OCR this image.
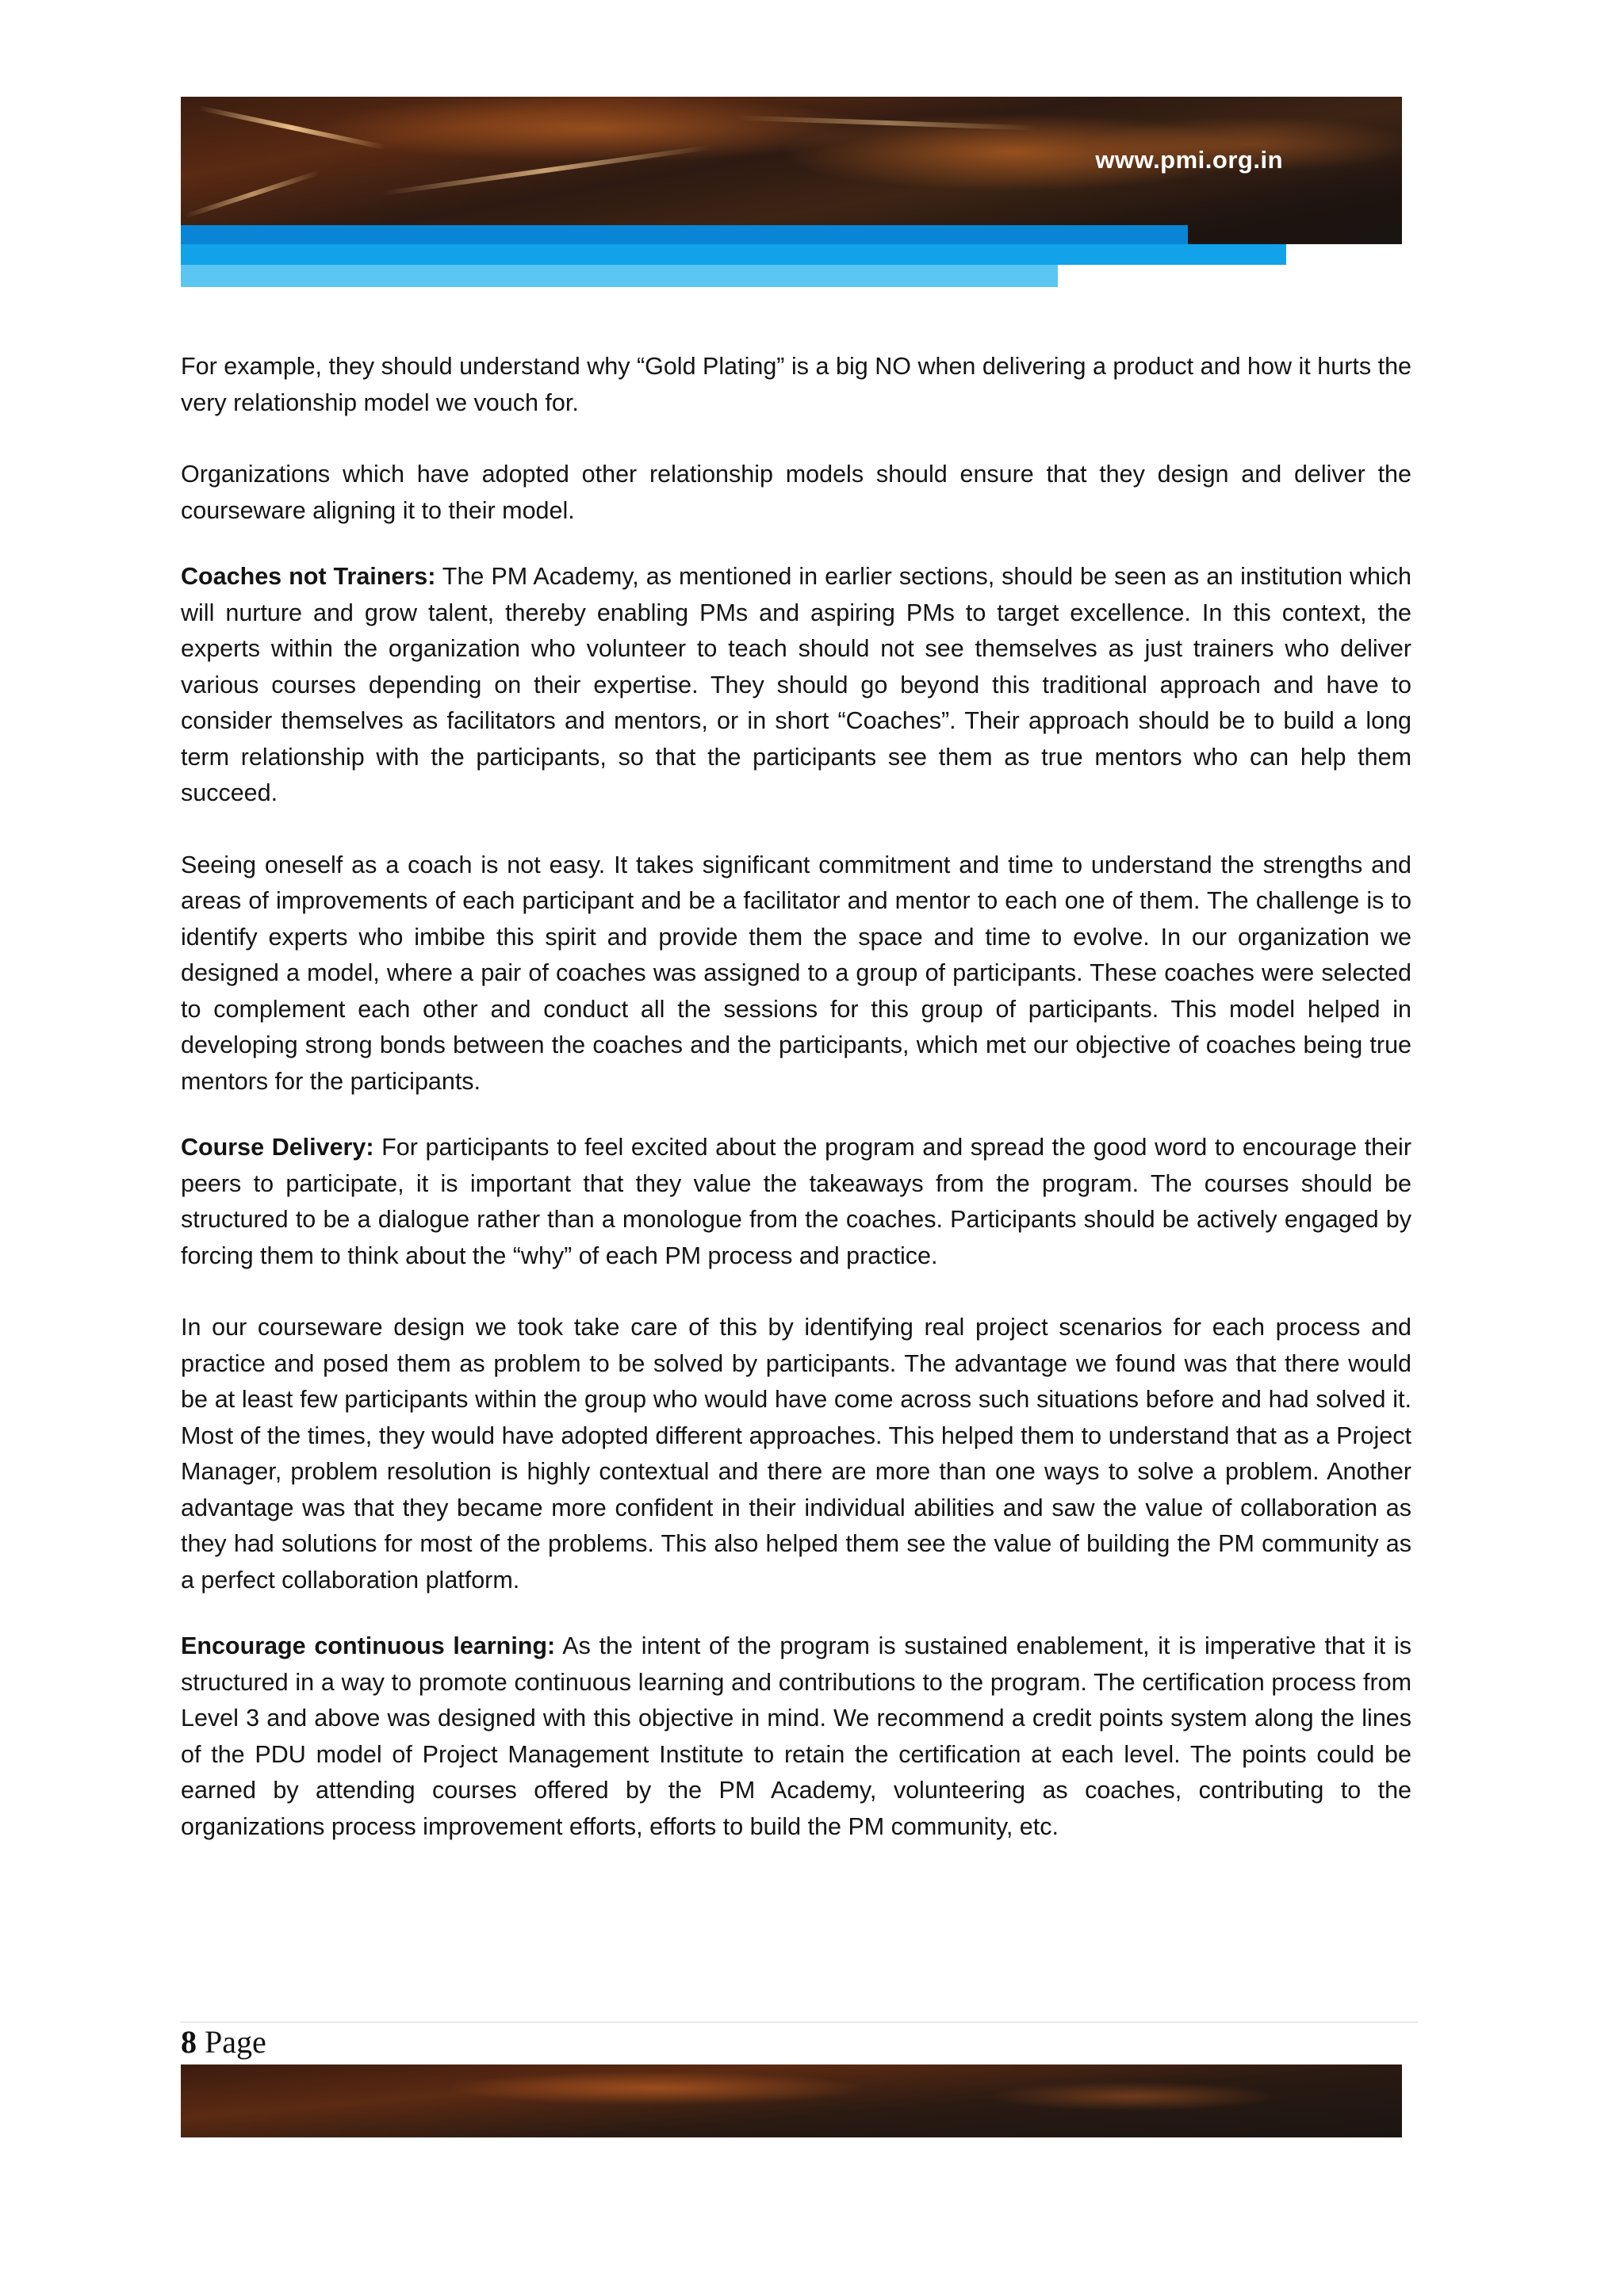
www.pmi.org.in

For example, they should understand why “Gold Plating” is a big NO when delivering a product and how it hurts the very relationship model we vouch for.

Organizations which have adopted other relationship models should ensure that they design and deliver the courseware aligning it to their model.

Coaches not Trainers: The PM Academy, as mentioned in earlier sections, should be seen as an institution which will nurture and grow talent, thereby enabling PMs and aspiring PMs to target excellence. In this context, the experts within the organization who volunteer to teach should not see themselves as just trainers who deliver various courses depending on their expertise. They should go beyond this traditional approach and have to consider themselves as facilitators and mentors, or in short “Coaches”. Their approach should be to build a long term relationship with the participants, so that the participants see them as true mentors who can help them succeed.

Seeing oneself as a coach is not easy. It takes significant commitment and time to understand the strengths and areas of improvements of each participant and be a facilitator and mentor to each one of them. The challenge is to identify experts who imbibe this spirit and provide them the space and time to evolve. In our organization we designed a model, where a pair of coaches was assigned to a group of participants. These coaches were selected to complement each other and conduct all the sessions for this group of participants. This model helped in developing strong bonds between the coaches and the participants, which met our objective of coaches being true mentors for the participants.

Course Delivery: For participants to feel excited about the program and spread the good word to encourage their peers to participate, it is important that they value the takeaways from the program. The courses should be structured to be a dialogue rather than a monologue from the coaches. Participants should be actively engaged by forcing them to think about the “why” of each PM process and practice.

In our courseware design we took take care of this by identifying real project scenarios for each process and practice and posed them as problem to be solved by participants. The advantage we found was that there would be at least few participants within the group who would have come across such situations before and had solved it. Most of the times, they would have adopted different approaches. This helped them to understand that as a Project Manager, problem resolution is highly contextual and there are more than one ways to solve a problem. Another advantage was that they became more confident in their individual abilities and saw the value of collaboration as they had solutions for most of the problems. This also helped them see the value of building the PM community as a perfect collaboration platform.

Encourage continuous learning: As the intent of the program is sustained enablement, it is imperative that it is structured in a way to promote continuous learning and contributions to the program. The certification process from Level 3 and above was designed with this objective in mind. We recommend a credit points system along the lines of the PDU model of Project Management Institute to retain the certification at each level. The points could be earned by attending courses offered by the PM Academy, volunteering as coaches, contributing to the organizations process improvement efforts, efforts to build the PM community, etc.

8 Page
